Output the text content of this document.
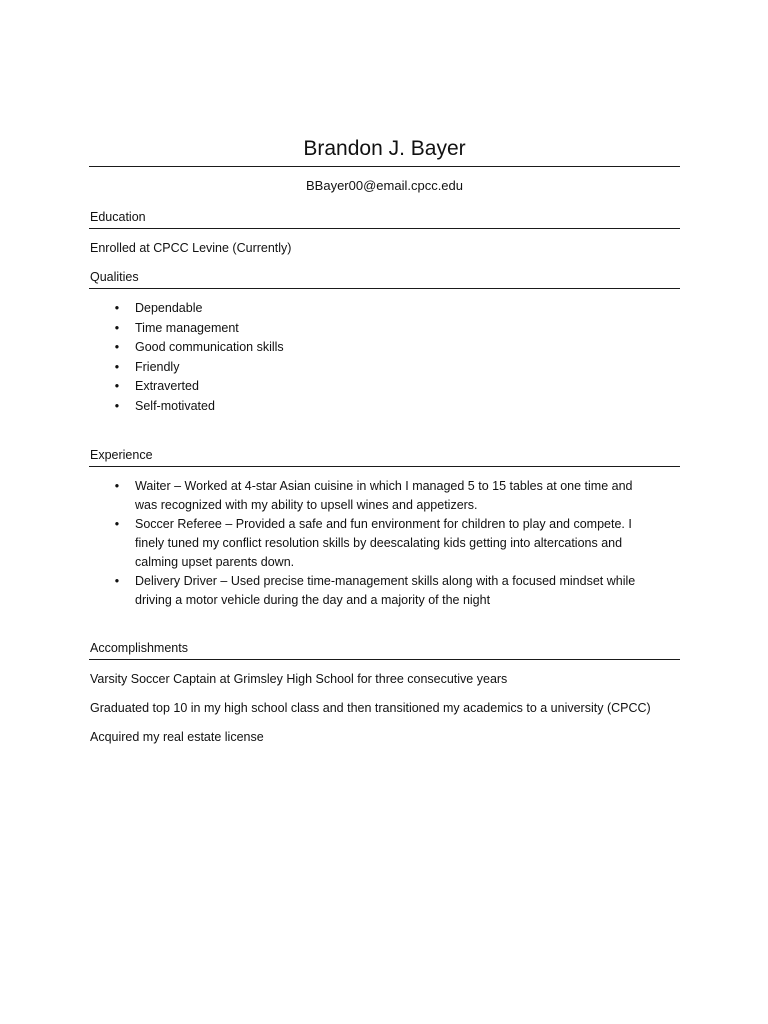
Brandon J. Bayer
BBayer00@email.cpcc.edu
Education
Enrolled at CPCC Levine (Currently)
Qualities
• Dependable
• Time management
• Good communication skills
• Friendly
• Extraverted
• Self-motivated
Experience
• Waiter – Worked at 4-star Asian cuisine in which I managed 5 to 15 tables at one time and was recognized with my ability to upsell wines and appetizers.
• Soccer Referee – Provided a safe and fun environment for children to play and compete. I finely tuned my conflict resolution skills by deescalating kids getting into altercations and calming upset parents down.
• Delivery Driver – Used precise time-management skills along with a focused mindset while driving a motor vehicle during the day and a majority of the night
Accomplishments
Varsity Soccer Captain at Grimsley High School for three consecutive years
Graduated top 10 in my high school class and then transitioned my academics to a university (CPCC)
Acquired my real estate license
